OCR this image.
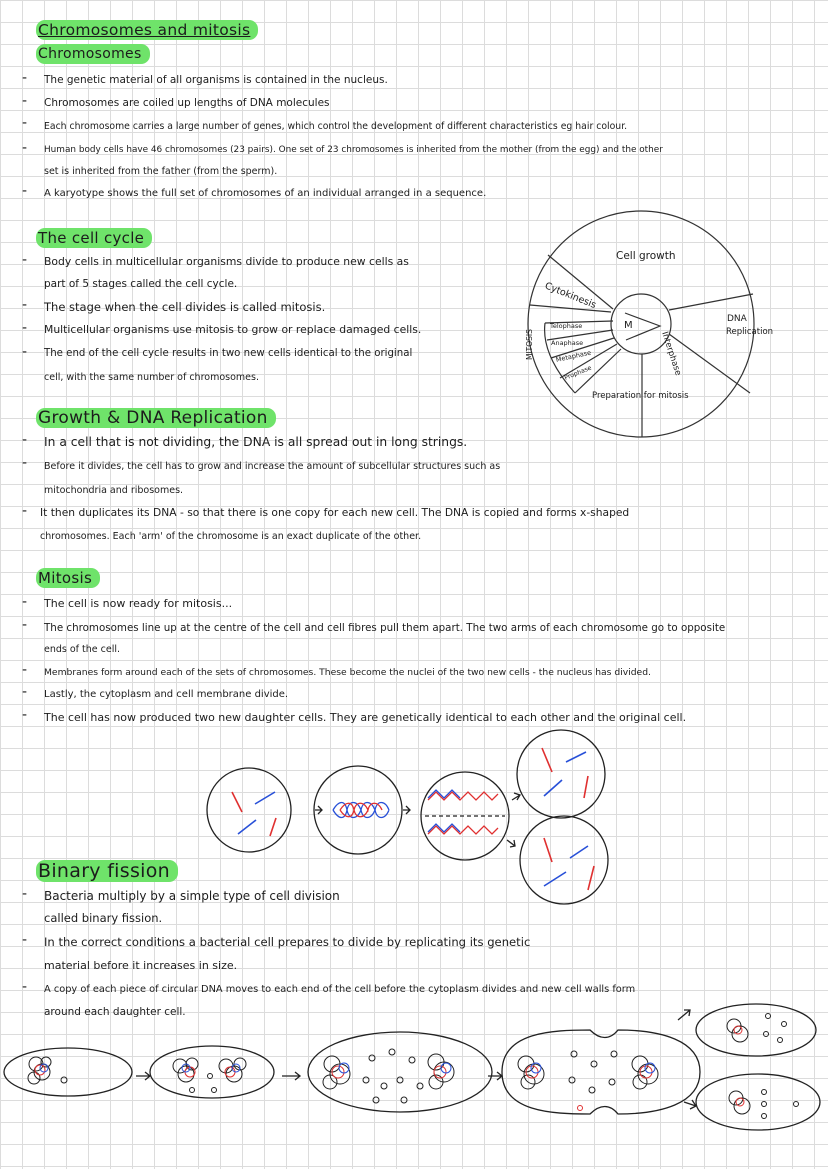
Chromosomes and mitosis
Chromosomes
- The genetic material of all organisms is contained in the nucleus.
- Chromosomes are coiled up lengths of DNA molecules
- Each chromosome carries a large number of genes, which control the development of different characteristics eg hair colour.
- Human body cells have 46 chromosomes (23 pairs). One set of 23 chromosomes is inherited from the mother (from the egg) and the other
set is inherited from the father (from the sperm).
- A karyotype shows the full set of chromosomes of an individual arranged in a sequence.
The cell cycle
- Body cells in multicellular organisms divide to produce new cells as
part of 5 stages called the cell cycle.
- The stage when the cell divides is called mitosis.
- Multicellular organisms use mitosis to grow or replace damaged cells.
- The end of the cell cycle results in two new cells identical to the original
cell, with the same number of chromosomes.
Cell growth
Cytokinesis
Interphase
DNA
Replication
Preparation for mitosis
M
MITOSIS
Telophase
Anaphase
Metaphase
Prophase
Growth & DNA Replication
- In a cell that is not dividing, the DNA is all spread out in long strings.
- Before it divides, the cell has to grow and increase the amount of subcellular structures such as
mitochondria and ribosomes.
- It then duplicates its DNA - so that there is one copy for each new cell. The DNA is copied and forms x-shaped
chromosomes. Each 'arm' of the chromosome is an exact duplicate of the other.
Mitosis
- The cell is now ready for mitosis...
- The chromosomes line up at the centre of the cell and cell fibres pull them apart. The two arms of each chromosome go to opposite
ends of the cell.
- Membranes form around each of the sets of chromosomes. These become the nuclei of the two new cells - the nucleus has divided.
- Lastly, the cytoplasm and cell membrane divide.
- The cell has now produced two new daughter cells. They are genetically identical to each other and the original cell.
Binary fission
- Bacteria multiply by a simple type of cell division
called binary fission.
- In the correct conditions a bacterial cell prepares to divide by replicating its genetic
material before it increases in size.
- A copy of each piece of circular DNA moves to each end of the cell before the cytoplasm divides and new cell walls form
around each daughter cell.
